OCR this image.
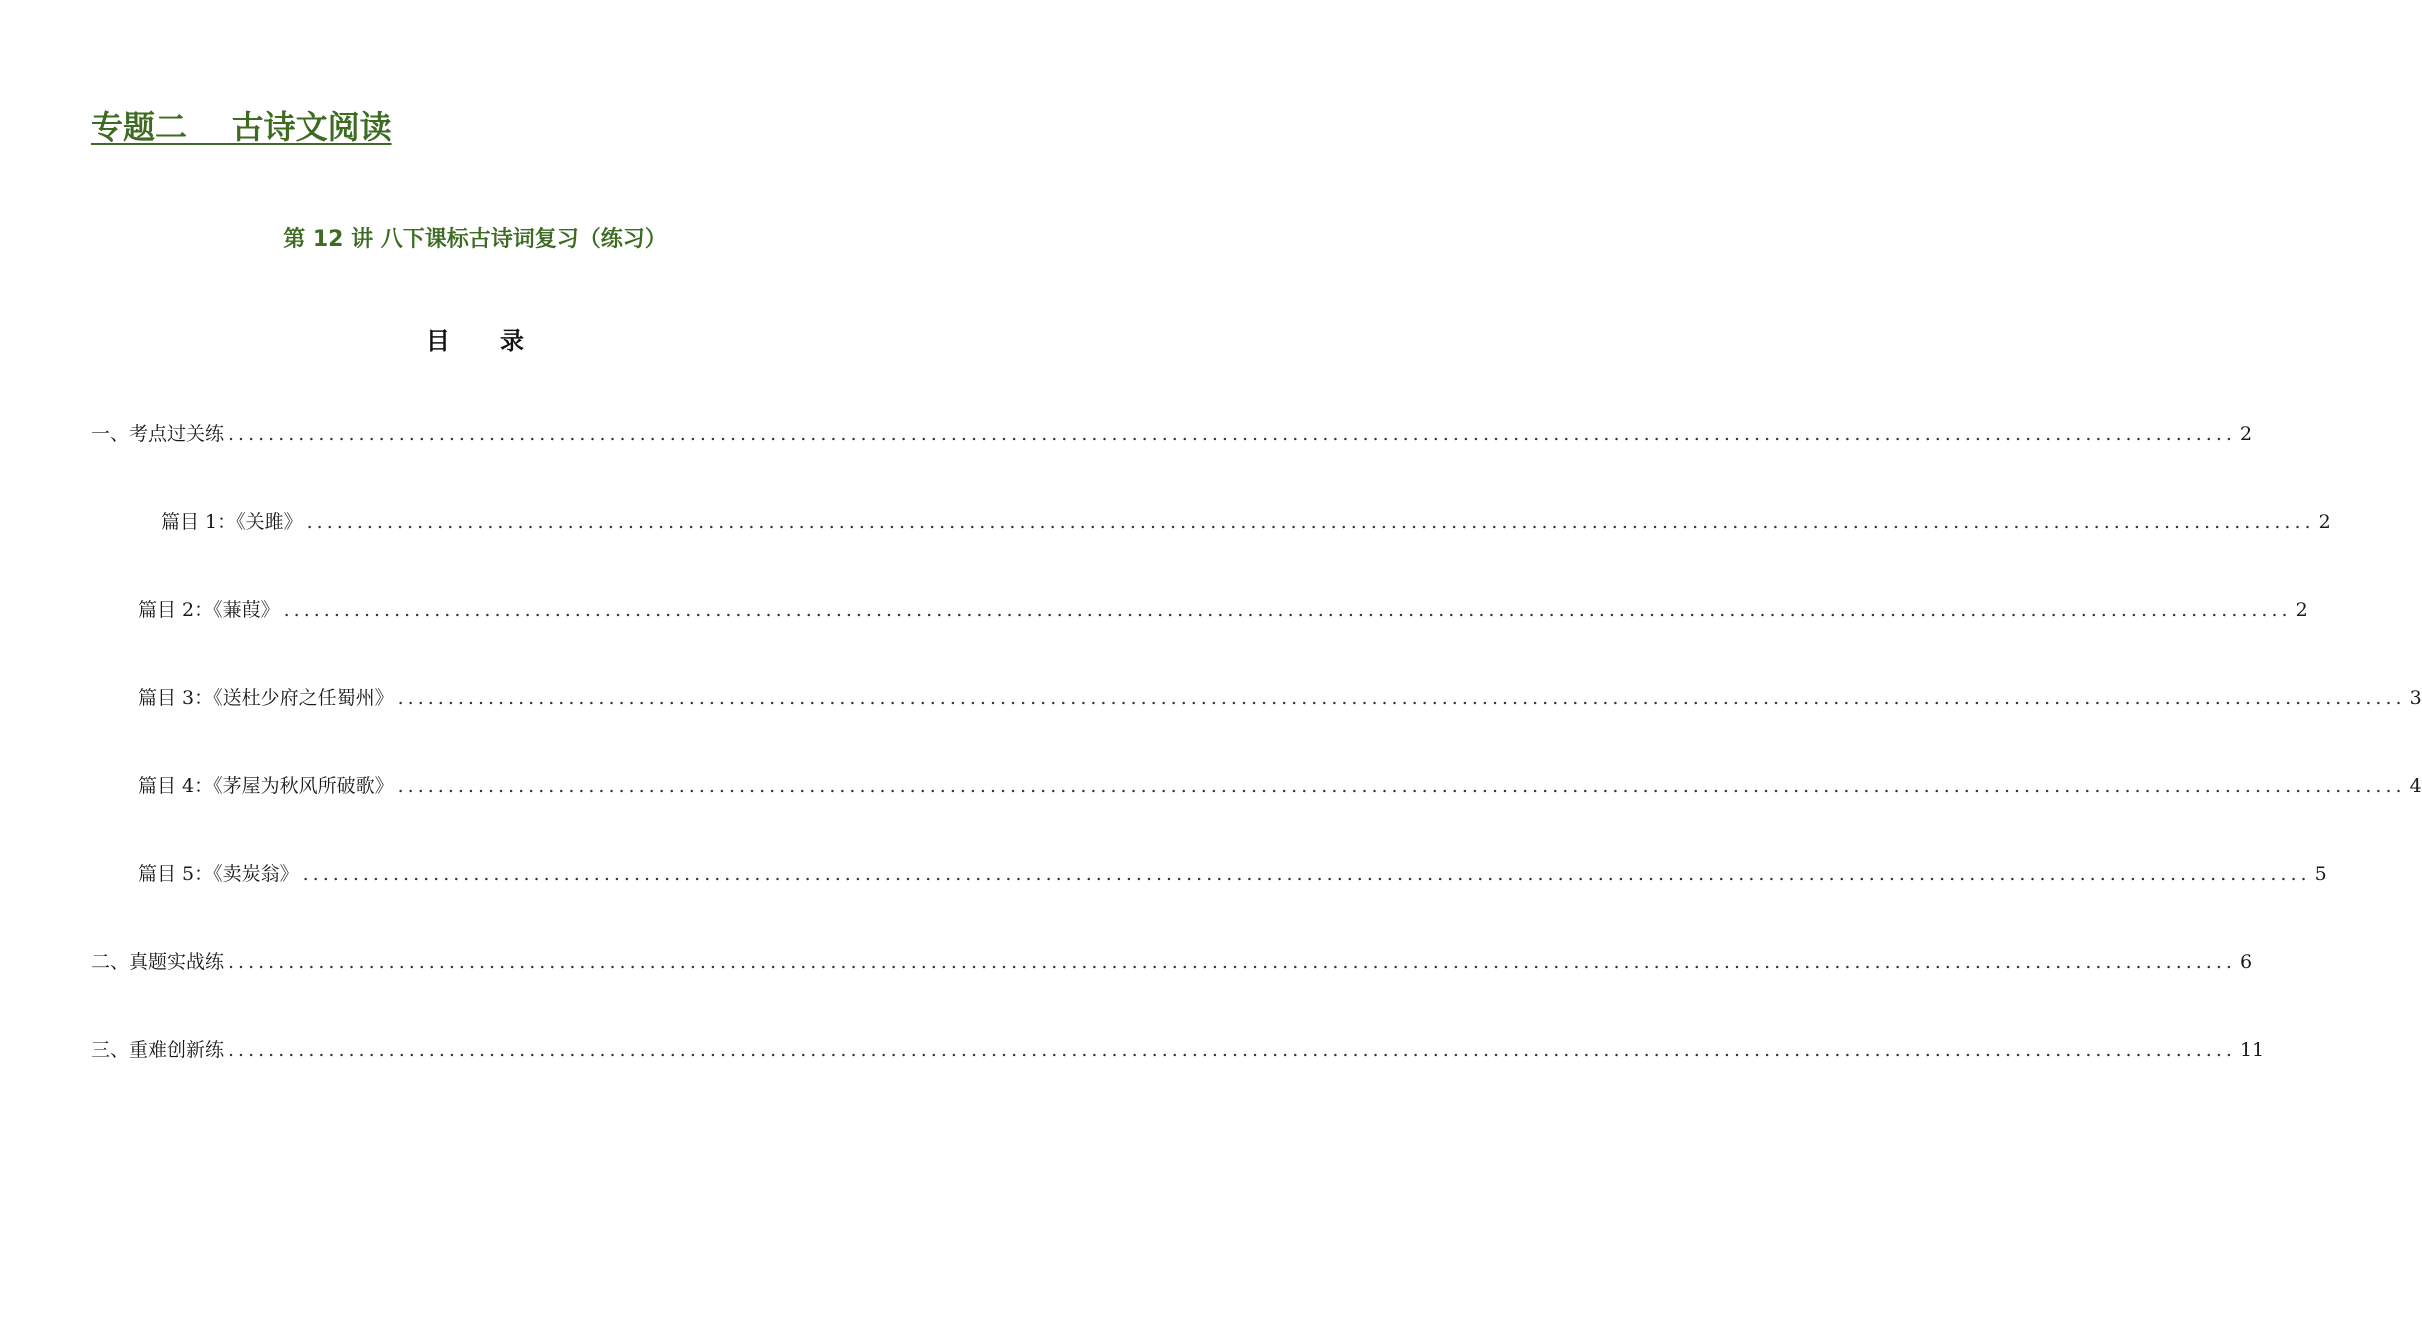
专题二    古诗文阅读
第 12 讲 八下课标古诗词复习（练习）
目      录
一、考点过关练 ........................................................................................................................................................................................................ 2
篇目 1：《关雎》 ........................................................................................................................................................................................................ 2
篇目 2：《蒹葭》 ........................................................................................................................................................................................................ 2
篇目 3：《送杜少府之任蜀州》 ........................................................................................................................................................................................................ 3
篇目 4：《茅屋为秋风所破歌》 ........................................................................................................................................................................................................ 4
篇目 5：《卖炭翁》 ........................................................................................................................................................................................................ 5
二、真题实战练 ........................................................................................................................................................................................................ 6
三、重难创新练 ........................................................................................................................................................................................................ 11
